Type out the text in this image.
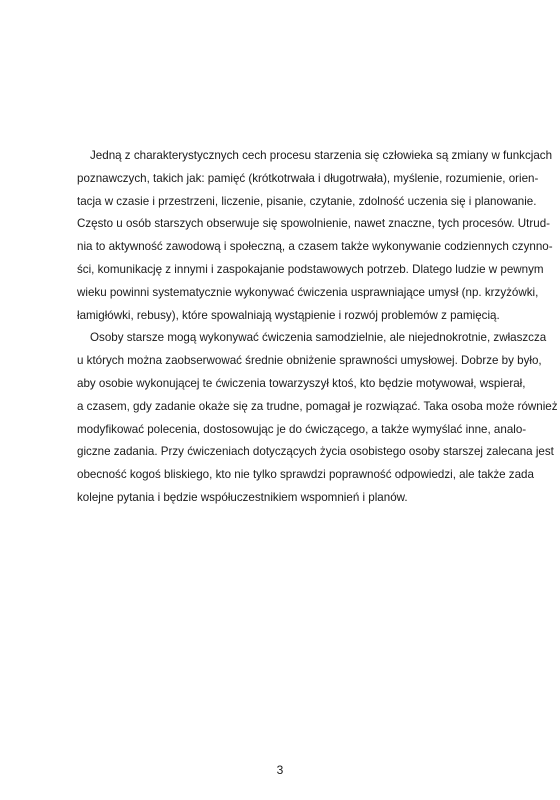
Jedną z charakterystycznych cech procesu starzenia się człowieka są zmiany w funkcjach
poznawczych, takich jak: pamięć (krótkotrwała i długotrwała), myślenie, rozumienie, orien-
tacja w czasie i przestrzeni, liczenie, pisanie, czytanie, zdolność uczenia się i planowanie.
Często u osób starszych obserwuje się spowolnienie, nawet znaczne, tych procesów. Utrud-
nia to aktywność zawodową i społeczną, a czasem także wykonywanie codziennych czynno-
ści, komunikację z innymi i zaspokajanie podstawowych potrzeb. Dlatego ludzie w pewnym
wieku powinni systematycznie wykonywać ćwiczenia usprawniające umysł (np. krzyżówki,
łamigłówki, rebusy), które spowalniają wystąpienie i rozwój problemów z pamięcią.

Osoby starsze mogą wykonywać ćwiczenia samodzielnie, ale niejednokrotnie, zwłaszcza
u których można zaobserwować średnie obniżenie sprawności umysłowej. Dobrze by było,
aby osobie wykonującej te ćwiczenia towarzyszył ktoś, kto będzie motywował, wspierał,
a czasem, gdy zadanie okaże się za trudne, pomagał je rozwiązać. Taka osoba może również
modyfikować polecenia, dostosowując je do ćwiczącego, a także wymyślać inne, analo-
giczne zadania. Przy ćwiczeniach dotyczących życia osobistego osoby starszej zalecana jest
obecność kogoś bliskiego, kto nie tylko sprawdzi poprawność odpowiedzi, ale także zada
kolejne pytania i będzie współuczestnikiem wspomnień i planów.

3
